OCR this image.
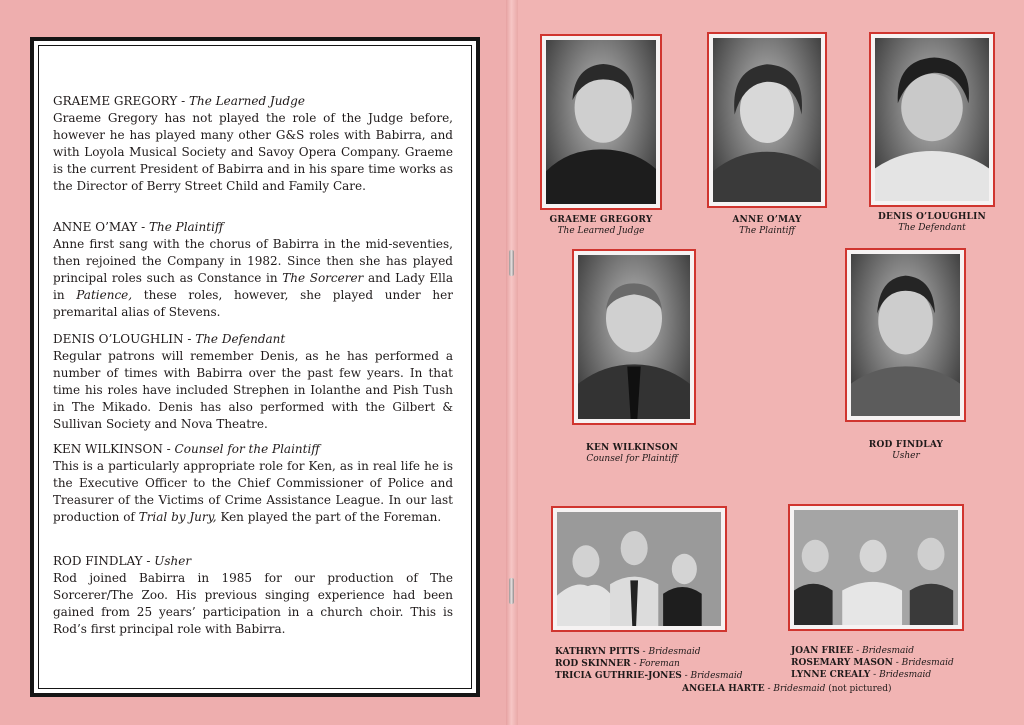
GRAEME GREGORY - The Learned Judge

Graeme Gregory has not played the role of the Judge before, however he has played many other G&S roles with Babirra, and with Loyola Musical Society and Savoy Opera Company. Graeme is the current President of Babirra and in his spare time works as the Director of Berry Street Child and Family Care.

ANNE O’MAY - The Plaintiff

Anne first sang with the chorus of Babirra in the mid-seventies, then rejoined the Company in 1982. Since then she has played principal roles such as Constance in The Sorcerer and Lady Ella in Patience, these roles, however, she played under her premarital alias of Stevens.

DENIS O’LOUGHLIN - The Defendant

Regular patrons will remember Denis, as he has performed a number of times with Babirra over the past few years. In that time his roles have included Strephen in Iolanthe and Pish Tush in The Mikado. Denis has also performed with the Gilbert & Sullivan Society and Nova Theatre.

KEN WILKINSON - Counsel for the Plaintiff

This is a particularly appropriate role for Ken, as in real life he is the Executive Officer to the Chief Commissioner of Police and Treasurer of the Victims of Crime Assistance League. In our last production of Trial by Jury, Ken played the part of the Foreman.

ROD FINDLAY - Usher

Rod joined Babirra in 1985 for our production of The Sorcerer/The Zoo. His previous singing experience had been gained from 25 years’ participation in a church choir. This is Rod’s first principal role with Babirra.

GRAEME GREGORY
The Learned Judge
ANNE O’MAY
The Plaintiff
DENIS O’LOUGHLIN
The Defendant
KEN WILKINSON
Counsel for Plaintiff
ROD FINDLAY
Usher
KATHRYN PITTS - Bridesmaid
ROD SKINNER - Foreman
TRICIA GUTHRIE-JONES - Bridesmaid
JOAN FRIEE - Bridesmaid
ROSEMARY MASON - Bridesmaid
LYNNE CREALY - Bridesmaid
ANGELA HARTE - Bridesmaid (not pictured)
